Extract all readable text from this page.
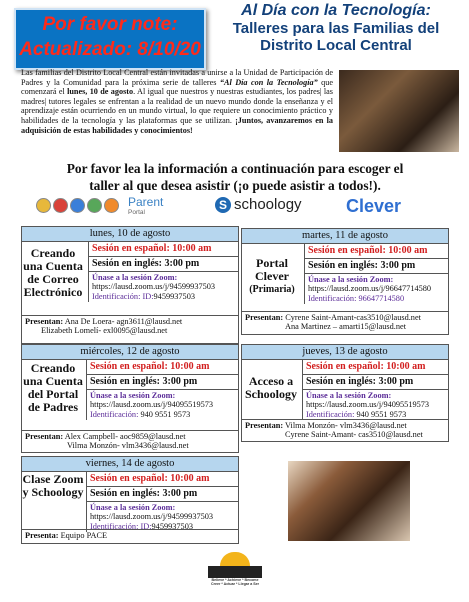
Por favor note:
Actualizado: 8/10/20
Al Día con la Tecnología:
Talleres para las Familias del
Distrito Local Central
Las familias del Distrito Local Central están invitadas a unirse a la Unidad de Participación de Padres y la Comunidad para la próxima serie de talleres “Al Día con la Tecnología” que comenzará el lunes, 10 de agosto. Al igual que nuestros y nuestras estudiantes, los padres| las madres| tutores legales se enfrentan a la realidad de un nuevo mundo donde la enseñanza y el aprendizaje están ocurriendo en un mundo virtual, lo que requiere un conocimiento práctico y habilidades de la tecnología y las plataformas que se utilizan. ¡Juntos, avanzaremos en la adquisición de estas habilidades y conocimientos!
Por favor lea la información a continuación para escoger el
taller al que desea asistir (¡o puede asistir a todos!).
Parent
Portal
S schoology Clever
lunes, 10 de agosto
Creando una Cuenta de Correo Electrónico
Sesión en español: 10:00 am
Sesión en inglés: 3:00 pm
Únase a la sesión Zoom:
https://lausd.zoom.us/j/94599937503
Identificación: ID:9459937503
Presentan: Ana De Loera- agn3611@lausd.net
Elizabeth Lomelí- exl0095@lausd.net
martes, 11 de agosto
Portal Clever
(Primaria)
Sesión en español: 10:00 am
Sesión en inglés: 3:00 pm
Únase a la sesión Zoom:
https://lausd.zoom.us/j/96647714580
Identificación: 96647714580
Presentan: Cyrene Saint-Amant-cas3510@lausd.net
Ana Martinez – amarti15@lausd.net
miércoles, 12 de agosto
Creando una Cuenta del Portal de Padres
Sesión en español: 10:00 am
Sesión en inglés: 3:00 pm
Únase a la sesión Zoom:
https://lausd.zoom.us/j/94095519573
Identificación: 940 9551 9573
Presentan: Alex Campbell- aoc9859@lausd.net
Vilma Monzón- vlm3436@lausd.net
jueves, 13 de agosto
Acceso a Schoology
Sesión en español: 10:00 am
Sesión en inglés: 3:00 pm
Únase a la sesión Zoom:
https://lausd.zoom.us/j/94095519573
Identificación: 940 9551 9573
Presentan: Vilma Monzón- vlm3436@lausd.net
Cyrene Saint-Amant- cas3510@lausd.net
viernes, 14 de agosto
Clase Zoom y Schoology
Sesión en español: 10:00 am
Sesión en inglés: 3:00 pm
Únase a la sesión Zoom:
https://lausd.zoom.us/j/94599937503
Identificación: ID:9459937503
Presenta: Equipo PACE
Believe * Achieve * Become
Creer * Actuar * Llegar a Ser
